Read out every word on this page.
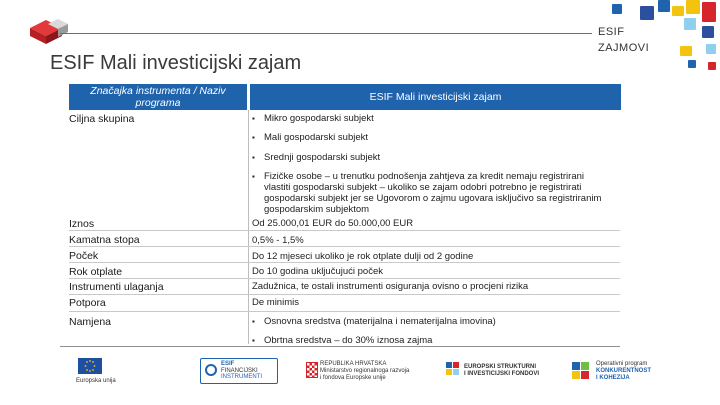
ESIF
ZAJMOVI
ESIF Mali investicijski zajam
Značajka instrumenta / Naziv programa	ESIF Mali investicijski zajam
Ciljna skupina
Iznos
Kamatna stopa
Poček
Rok otplate
Instrumenti ulaganja
Potpora
Namjena
▪ Mikro gospodarski subjekt
▪ Mali gospodarski subjekt
▪ Srednji gospodarski subjekt
▪ Fizičke osobe – u trenutku podnošenja zahtjeva za kredit nemaju registrirani
vlastiti gospodarski subjekt – ukoliko se zajam odobri potrebno je registrirati
gospodarski subjekt jer se Ugovorom o zajmu ugovara isključivo sa registriranim
gospodarskim subjektom
Od 25.000,01 EUR do 50.000,00 EUR
0,5% - 1,5%
Do 12 mjeseci ukoliko je rok otplate dulji od 2 godine
Do 10 godina uključujući poček
Zadužnica, te ostali instrumenti osiguranja ovisno o procjeni rizika
De minimis
▪ Osnovna sredstva (materijalna i nematerijalna imovina)
▪ Obrtna sredstva – do 30% iznosa zajma
Europska unija
ESIF
FINANCIJSKI
INSTRUMENTI
REPUBLIKA HRVATSKA
Ministarstvo regionalnoga razvoja
i fondova Europske unije
EUROPSKI STRUKTURNI
I INVESTICIJSKI FONDOVI
Operativni program
KONKURENTNOST
I KOHEZIJA
